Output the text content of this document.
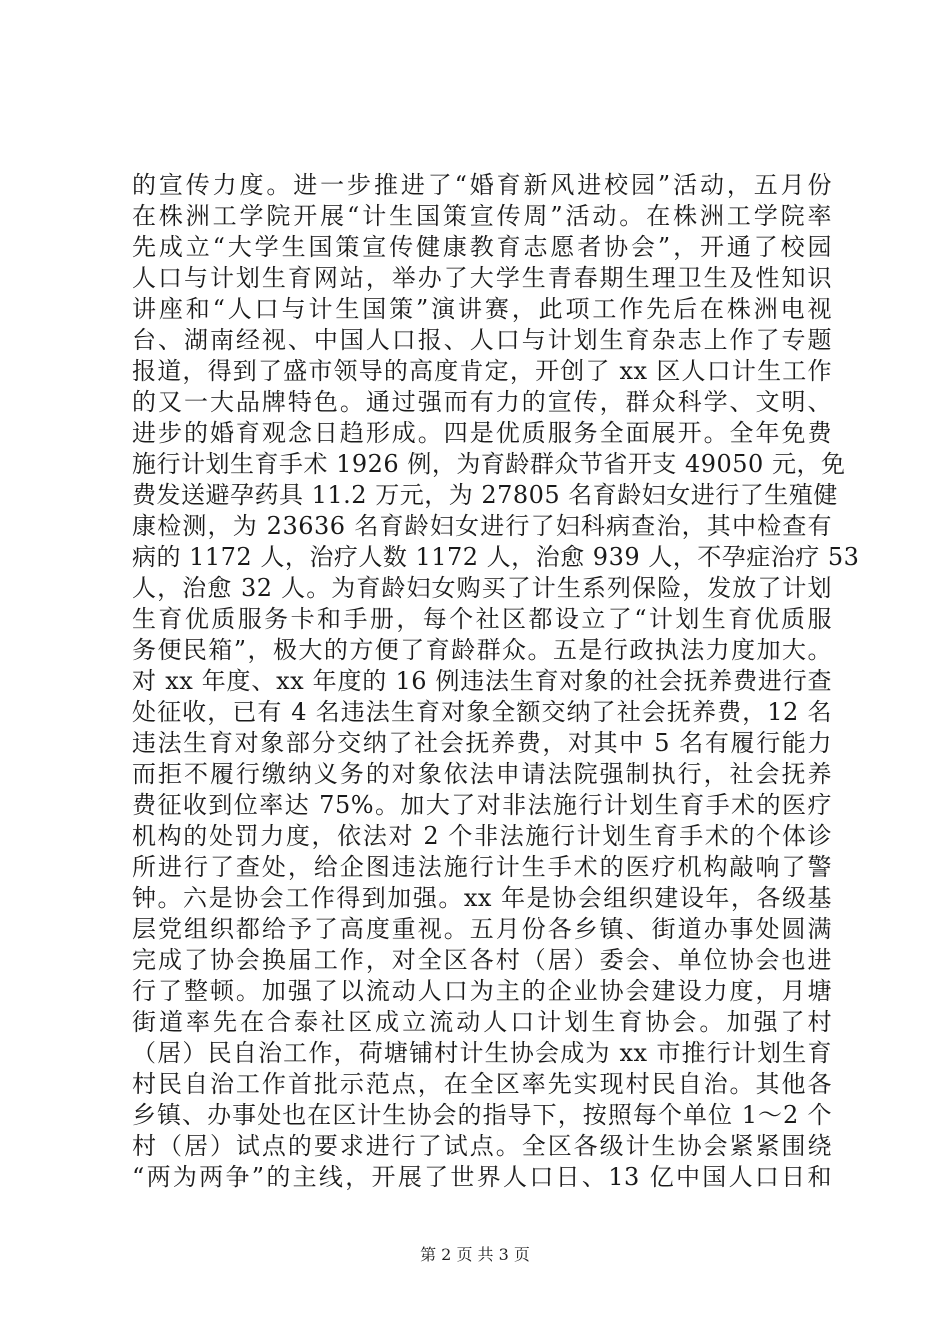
的宣传力度。进一步推进了“婚育新风进校园”活动，五月份
在株洲工学院开展“计生国策宣传周”活动。在株洲工学院率
先成立“大学生国策宣传健康教育志愿者协会”，开通了校园
人口与计划生育网站，举办了大学生青春期生理卫生及性知识
讲座和“人口与计生国策”演讲赛，此项工作先后在株洲电视
台、湖南经视、中国人口报、人口与计划生育杂志上作了专题
报道，得到了盛市领导的高度肯定，开创了 xx 区人口计生工作
的又一大品牌特色。通过强而有力的宣传，群众科学、文明、
进步的婚育观念日趋形成。四是优质服务全面展开。全年免费
施行计划生育手术 1926 例，为育龄群众节省开支 49050 元，免
费发送避孕药具 11.2 万元，为 27805 名育龄妇女进行了生殖健
康检测，为 23636 名育龄妇女进行了妇科病查治，其中检查有
病的 1172 人，治疗人数 1172 人，治愈 939 人，不孕症治疗 53
人，治愈 32 人。为育龄妇女购买了计生系列保险，发放了计划
生育优质服务卡和手册，每个社区都设立了“计划生育优质服
务便民箱”，极大的方便了育龄群众。五是行政执法力度加大。
对 xx 年度、xx 年度的 16 例违法生育对象的社会抚养费进行查
处征收，已有 4 名违法生育对象全额交纳了社会抚养费，12 名
违法生育对象部分交纳了社会抚养费，对其中 5 名有履行能力
而拒不履行缴纳义务的对象依法申请法院强制执行，社会抚养
费征收到位率达 75%。加大了对非法施行计划生育手术的医疗
机构的处罚力度，依法对 2 个非法施行计划生育手术的个体诊
所进行了查处，给企图违法施行计生手术的医疗机构敲响了警
钟。六是协会工作得到加强。xx 年是协会组织建设年，各级基
层党组织都给予了高度重视。五月份各乡镇、街道办事处圆满
完成了协会换届工作，对全区各村（居）委会、单位协会也进
行了整顿。加强了以流动人口为主的企业协会建设力度，月塘
街道率先在合泰社区成立流动人口计划生育协会。加强了村
（居）民自治工作，荷塘铺村计生协会成为 xx 市推行计划生育
村民自治工作首批示范点，在全区率先实现村民自治。其他各
乡镇、办事处也在区计生协会的指导下，按照每个单位 1～2 个
村（居）试点的要求进行了试点。全区各级计生协会紧紧围绕
“两为两争”的主线，开展了世界人口日、13 亿中国人口日和
第 2 页 共 3 页
